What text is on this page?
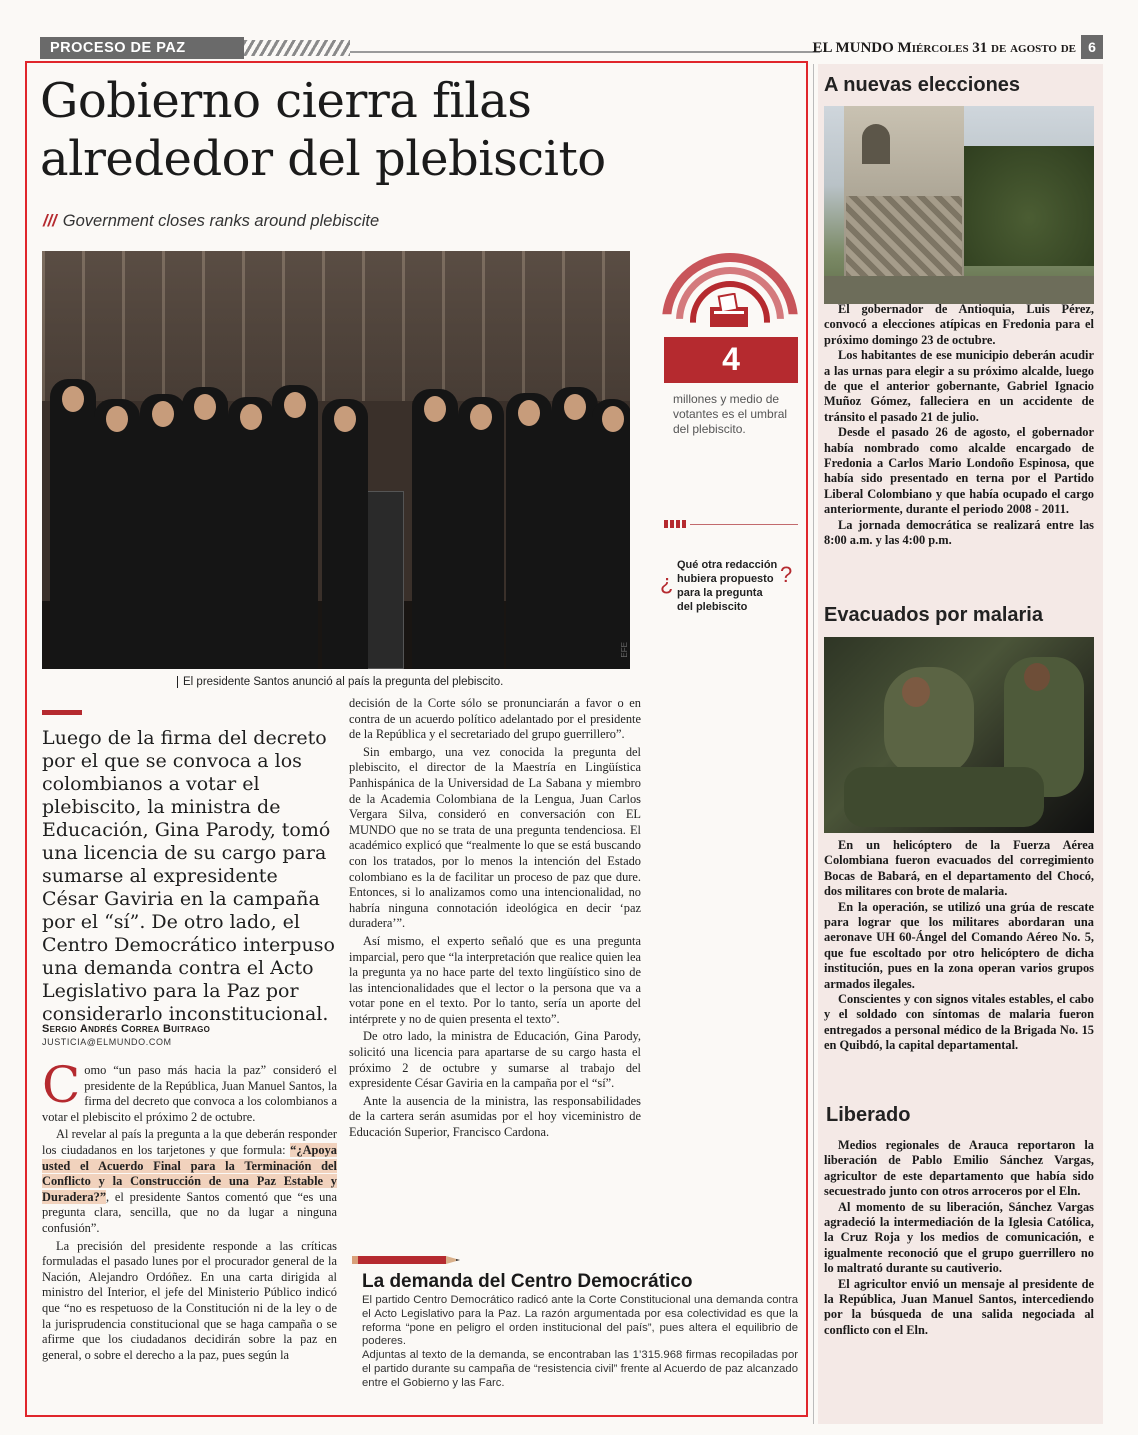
PROCESO DE PAZ	EL MUNDO Miércoles 31 de agosto de 6
Gobierno cierra filas
alrededor del plebiscito
/// Government closes ranks around plebiscite
EFE
El presidente Santos anunció al país la pregunta del plebiscito.
4
millones y medio de votantes es el umbral del plebiscito.
¿
Qué otra redacción hubiera propuesto para la pregunta del plebiscito
?
Luego de la firma del decreto por el que se convoca a los colombianos a votar el plebiscito, la ministra de Educación, Gina Parody, tomó una licencia de su cargo para sumarse al expresidente César Gaviria en la campaña por el “sí”. De otro lado, el Centro Democrático interpuso una demanda contra el Acto Legislativo para la Paz por considerarlo inconstitucional.
Sergio Andrés Correa Buitrago
JUSTICIA@ELMUNDO.COM

Como “un paso más hacia la paz” consideró el presidente de la República, Juan Manuel Santos, la firma del decreto que convoca a los colombianos a votar el plebiscito el próximo 2 de octubre.

Al revelar al país la pregunta a la que deberán responder los ciudadanos en los tarjetones y que formula: “¿Apoya usted el Acuerdo Final para la Terminación del Conflicto y la Construcción de una Paz Estable y Duradera?”, el presidente Santos comentó que “es una pregunta clara, sencilla, que no da lugar a ninguna confusión”.

La precisión del presidente responde a las críticas formuladas el pasado lunes por el procurador general de la Nación, Alejandro Ordóñez. En una carta dirigida al ministro del Interior, el jefe del Ministerio Público indicó que “no es respetuoso de la Constitución ni de la ley o de la jurisprudencia constitucional que se haga campaña o se afirme que los ciudadanos decidirán sobre la paz en general, o sobre el derecho a la paz, pues según la

decisión de la Corte sólo se pronunciarán a favor o en contra de un acuerdo político adelantado por el presidente de la República y el secretariado del grupo guerrillero”.

Sin embargo, una vez conocida la pregunta del plebiscito, el director de la Maestría en Lingüística Panhispánica de la Universidad de La Sabana y miembro de la Academia Colombiana de la Lengua, Juan Carlos Vergara Silva, consideró en conversación con EL MUNDO que no se trata de una pregunta tendenciosa. El académico explicó que “realmente lo que se está buscando con los tratados, por lo menos la intención del Estado colombiano es la de facilitar un proceso de paz que dure. Entonces, si lo analizamos como una intencionalidad, no habría ninguna connotación ideológica en decir ‘paz duradera’”.

Así mismo, el experto señaló que es una pregunta imparcial, pero que “la interpretación que realice quien lea la pregunta ya no hace parte del texto lingüístico sino de las intencionalidades que el lector o la persona que va a votar pone en el texto. Por lo tanto, sería un aporte del intérprete y no de quien presenta el texto”.

De otro lado, la ministra de Educación, Gina Parody, solicitó una licencia para apartarse de su cargo hasta el próximo 2 de octubre y sumarse al trabajo del expresidente César Gaviria en la campaña por el “sí”.

Ante la ausencia de la ministra, las responsabilidades de la cartera serán asumidas por el hoy viceministro de Educación Superior, Francisco Cardona.

La demanda del Centro Democrático
El partido Centro Democrático radicó ante la Corte Constitucional una demanda contra el Acto Legislativo para la Paz. La razón argumentada por esa colectividad es que la reforma “pone en peligro el orden institucional del país”, pues altera el equilibrio de poderes.
Adjuntas al texto de la demanda, se encontraban las 1’315.968 firmas recopiladas por el partido durante su campaña de “resistencia civil” frente al Acuerdo de paz alcanzado entre el Gobierno y las Farc.
A nuevas elecciones

El gobernador de Antioquia, Luis Pérez, convocó a elecciones atípicas en Fredonia para el próximo domingo 23 de octubre.

Los habitantes de ese municipio deberán acudir a las urnas para elegir a su próximo alcalde, luego de que el anterior gobernante, Gabriel Ignacio Muñoz Gómez, falleciera en un accidente de tránsito el pasado 21 de julio.

Desde el pasado 26 de agosto, el gobernador había nombrado como alcalde encargado de Fredonia a Carlos Mario Londoño Espinosa, que había sido presentado en terna por el Partido Liberal Colombiano y que había ocupado el cargo anteriormente, durante el periodo 2008 - 2011.

La jornada democrática se realizará entre las 8:00 a.m. y las 4:00 p.m.

Evacuados por malaria

En un helicóptero de la Fuerza Aérea Colombiana fueron evacuados del corregimiento Bocas de Babará, en el departamento del Chocó, dos militares con brote de malaria.

En la operación, se utilizó una grúa de rescate para lograr que los militares abordaran una aeronave UH 60-Ángel del Comando Aéreo No. 5, que fue escoltado por otro helicóptero de dicha institución, pues en la zona operan varios grupos armados ilegales.

Conscientes y con signos vitales estables, el cabo y el soldado con síntomas de malaria fueron entregados a personal médico de la Brigada No. 15 en Quibdó, la capital departamental.

Liberado

Medios regionales de Arauca reportaron la liberación de Pablo Emilio Sánchez Vargas, agricultor de este departamento que había sido secuestrado junto con otros arroceros por el Eln.

Al momento de su liberación, Sánchez Vargas agradeció la intermediación de la Iglesia Católica, la Cruz Roja y los medios de comunicación, e igualmente reconoció que el grupo guerrillero no lo maltrató durante su cautiverio.

El agricultor envió un mensaje al presidente de la República, Juan Manuel Santos, intercediendo por la búsqueda de una salida negociada al conflicto con el Eln.
